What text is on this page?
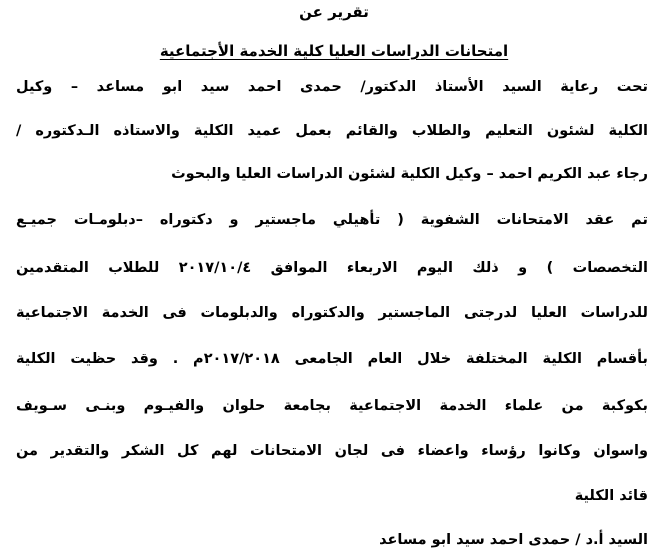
تقرير عن
امتحانات الدراسات العليا كلية الخدمة الأجتماعية
تحت رعاية السيد الأستاذ الدكتور/ حمدى احمد سيد ابو مساعد – وكيل
الكلية لشئون التعليم والطلاب والقائم بعمل عميد الكلية والاستاذه الـدكتوره /
رجاء عبد الكريم احمد – وكيل الكلية لشئون الدراسات العليا والبحوث
تم عقد الامتحانات الشفوية ( تأهيلي ماجستير و دكتوراه –دبلومـات جميـع
التخصصات ) و ذلك اليوم الاربعاء الموافق ٢٠١٧/١٠/٤ للطلاب المتقدمين
للدراسات العليا لدرجتى الماجستير والدكتوراه والدبلومات فى الخدمة الاجتماعية
بأقسام الكلية المختلفة خلال العام الجامعى ٢٠١٧/٢٠١٨م . وقد حظيت الكلية
بكوكبة من علماء الخدمة الاجتماعية بجامعة حلوان والفيـوم وبنـى سـويف
واسوان وكانوا رؤساء واعضاء فى لجان الامتحانات لهم كل الشكر والتقدير من
قائد الكلية
السيد أ.د / حمدى احمد سيد ابو مساعد
